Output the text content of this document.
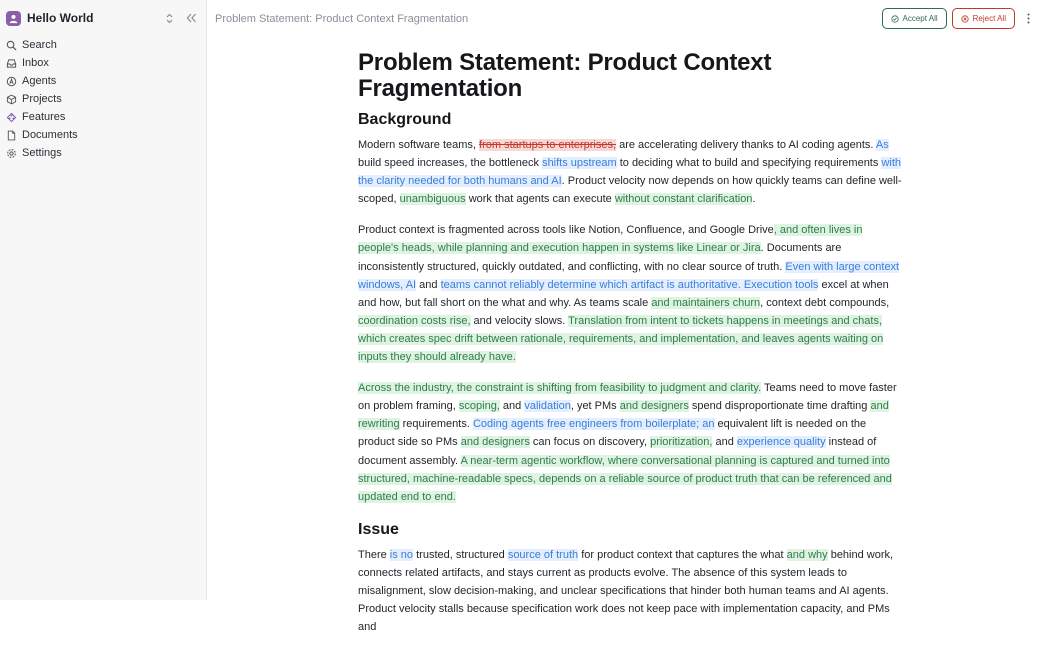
Hello World
Search
Inbox
Agents
Projects
Features
Documents
Settings
Problem Statement: Product Context Fragmentation	Accept All	Reject All
Problem Statement: Product Context Fragmentation
Background

Modern software teams, from startups to enterprises, are accelerating delivery thanks to AI coding agents. As build speed increases, the bottleneck shifts upstream to deciding what to build and specifying requirements with the clarity needed for both humans and AI. Product velocity now depends on how quickly teams can define well-scoped, unambiguous work that agents can execute without constant clarification.

Product context is fragmented across tools like Notion, Confluence, and Google Drive, and often lives in people's heads, while planning and execution happen in systems like Linear or Jira. Documents are inconsistently structured, quickly outdated, and conflicting, with no clear source of truth. Even with large context windows, AI and teams cannot reliably determine which artifact is authoritative. Execution tools excel at when and how, but fall short on the what and why. As teams scale and maintainers churn, context debt compounds, coordination costs rise, and velocity slows. Translation from intent to tickets happens in meetings and chats, which creates spec drift between rationale, requirements, and implementation, and leaves agents waiting on inputs they should already have.

Across the industry, the constraint is shifting from feasibility to judgment and clarity. Teams need to move faster on problem framing, scoping, and validation, yet PMs and designers spend disproportionate time drafting and rewriting requirements. Coding agents free engineers from boilerplate; an equivalent lift is needed on the product side so PMs and designers can focus on discovery, prioritization, and experience quality instead of document assembly. A near-term agentic workflow, where conversational planning is captured and turned into structured, machine-readable specs, depends on a reliable source of product truth that can be referenced and updated end to end.

Issue

There is no trusted, structured source of truth for product context that captures the what and why behind work, connects related artifacts, and stays current as products evolve. The absence of this system leads to misalignment, slow decision-making, and unclear specifications that hinder both human teams and AI agents. Product velocity stalls because specification work does not keep pace with implementation capacity, and PMs and
